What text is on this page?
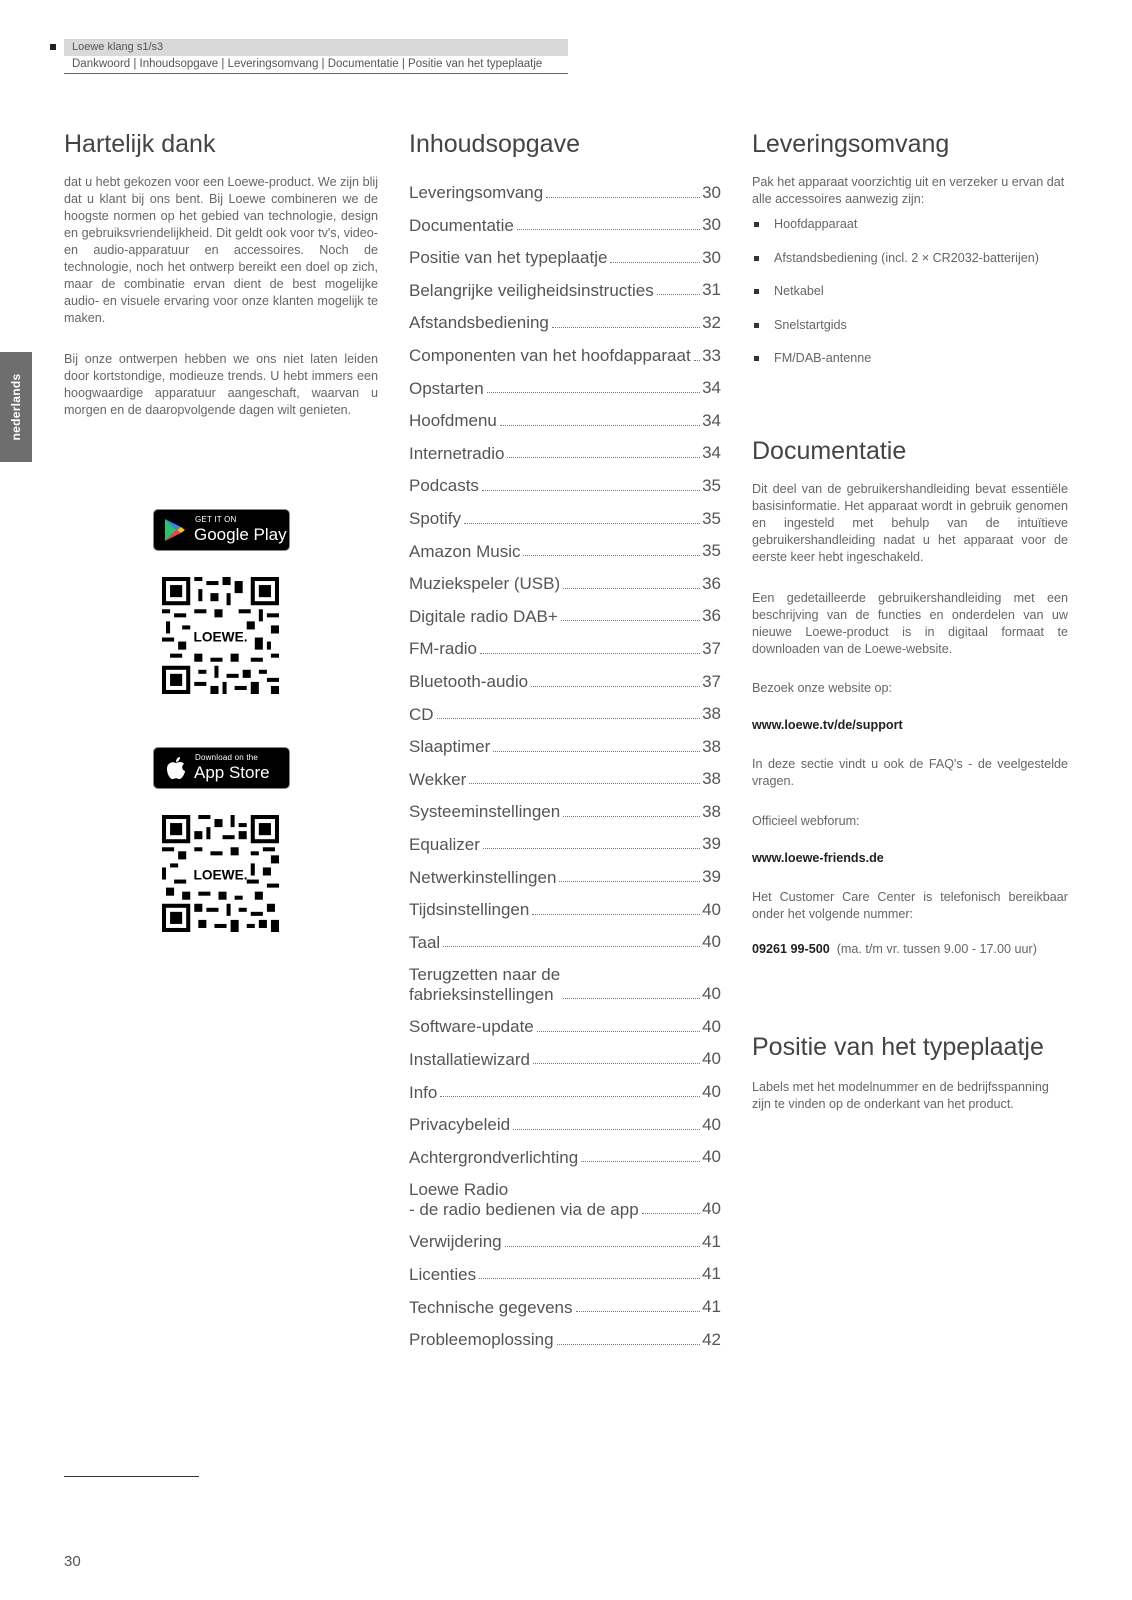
Loewe klang s1/s3
Dankwoord | Inhoudsopgave | Leveringsomvang | Documentatie | Positie van het typeplaatje
nederlands
Hartelijk dank
dat u hebt gekozen voor een Loewe-product. We zijn blij dat u klant bij ons bent. Bij Loewe combineren we de hoogste normen op het gebied van technologie, design en gebruiksvriendelijkheid. Dit geldt ook voor tv's, video- en audio-apparatuur en accessoires. Noch de technologie, noch het ontwerp bereikt een doel op zich, maar de combinatie ervan dient de best mogelijke audio- en visuele ervaring voor onze klanten mogelijk te maken.
Bij onze ontwerpen hebben we ons niet laten leiden door kortstondige, modieuze trends. U hebt immers een hoogwaardige apparatuur aangeschaft, waarvan u morgen en de daaropvolgende dagen wilt genieten.
GET IT ON
Google Play
LOEWE.
Download on the
App Store
LOEWE.
Inhoudsopgave
Leveringsomvang	30
Documentatie	30
Positie van het typeplaatje	30
Belangrijke veiligheidsinstructies	31
Afstandsbediening	32
Componenten van het hoofdapparaat 33
Opstarten	34
Hoofdmenu	34
Internetradio	34
Podcasts	35
Spotify	35
Amazon Music	35
Muziekspeler (USB)	36
Digitale radio DAB+	36
FM-radio	37
Bluetooth-audio	37
CD	38
Slaaptimer	38
Wekker	38
Systeeminstellingen	38
Equalizer	39
Netwerkinstellingen	39
Tijdsinstellingen	40
Taal	40
Terugzetten naar de
fabrieksinstellingen	40
Software-update	40
Installatiewizard	40
Info	40
Privacybeleid	40
Achtergrondverlichting	40
Loewe Radio
- de radio bedienen via de app	40
Verwijdering	41
Licenties	41
Technische gegevens	41
Probleemoplossing	42
Leveringsomvang
Pak het apparaat voorzichtig uit en verzeker u ervan dat alle accessoires aanwezig zijn:
Hoofdapparaat
Afstandsbediening (incl. 2 × CR2032-batterijen)
Netkabel
Snelstartgids
FM/DAB-antenne
Documentatie
Dit deel van de gebruikershandleiding bevat essentiële basisinformatie. Het apparaat wordt in gebruik genomen en ingesteld met behulp van de intuïtieve gebruikershandleiding nadat u het apparaat voor de eerste keer hebt ingeschakeld.
Een gedetailleerde gebruikershandleiding met een beschrijving van de functies en onderdelen van uw nieuwe Loewe-product is in digitaal formaat te downloaden van de Loewe-website.
Bezoek onze website op:
www.loewe.tv/de/support
In deze sectie vindt u ook de FAQ's - de veelgestelde vragen.
Officieel webforum:
www.loewe-friends.de
Het Customer Care Center is telefonisch bereikbaar onder het volgende nummer:
09261 99-500 (ma. t/m vr. tussen 9.00 - 17.00 uur)
Positie van het typeplaatje
Labels met het modelnummer en de bedrijfsspanning zijn te vinden op de onderkant van het product.
30
